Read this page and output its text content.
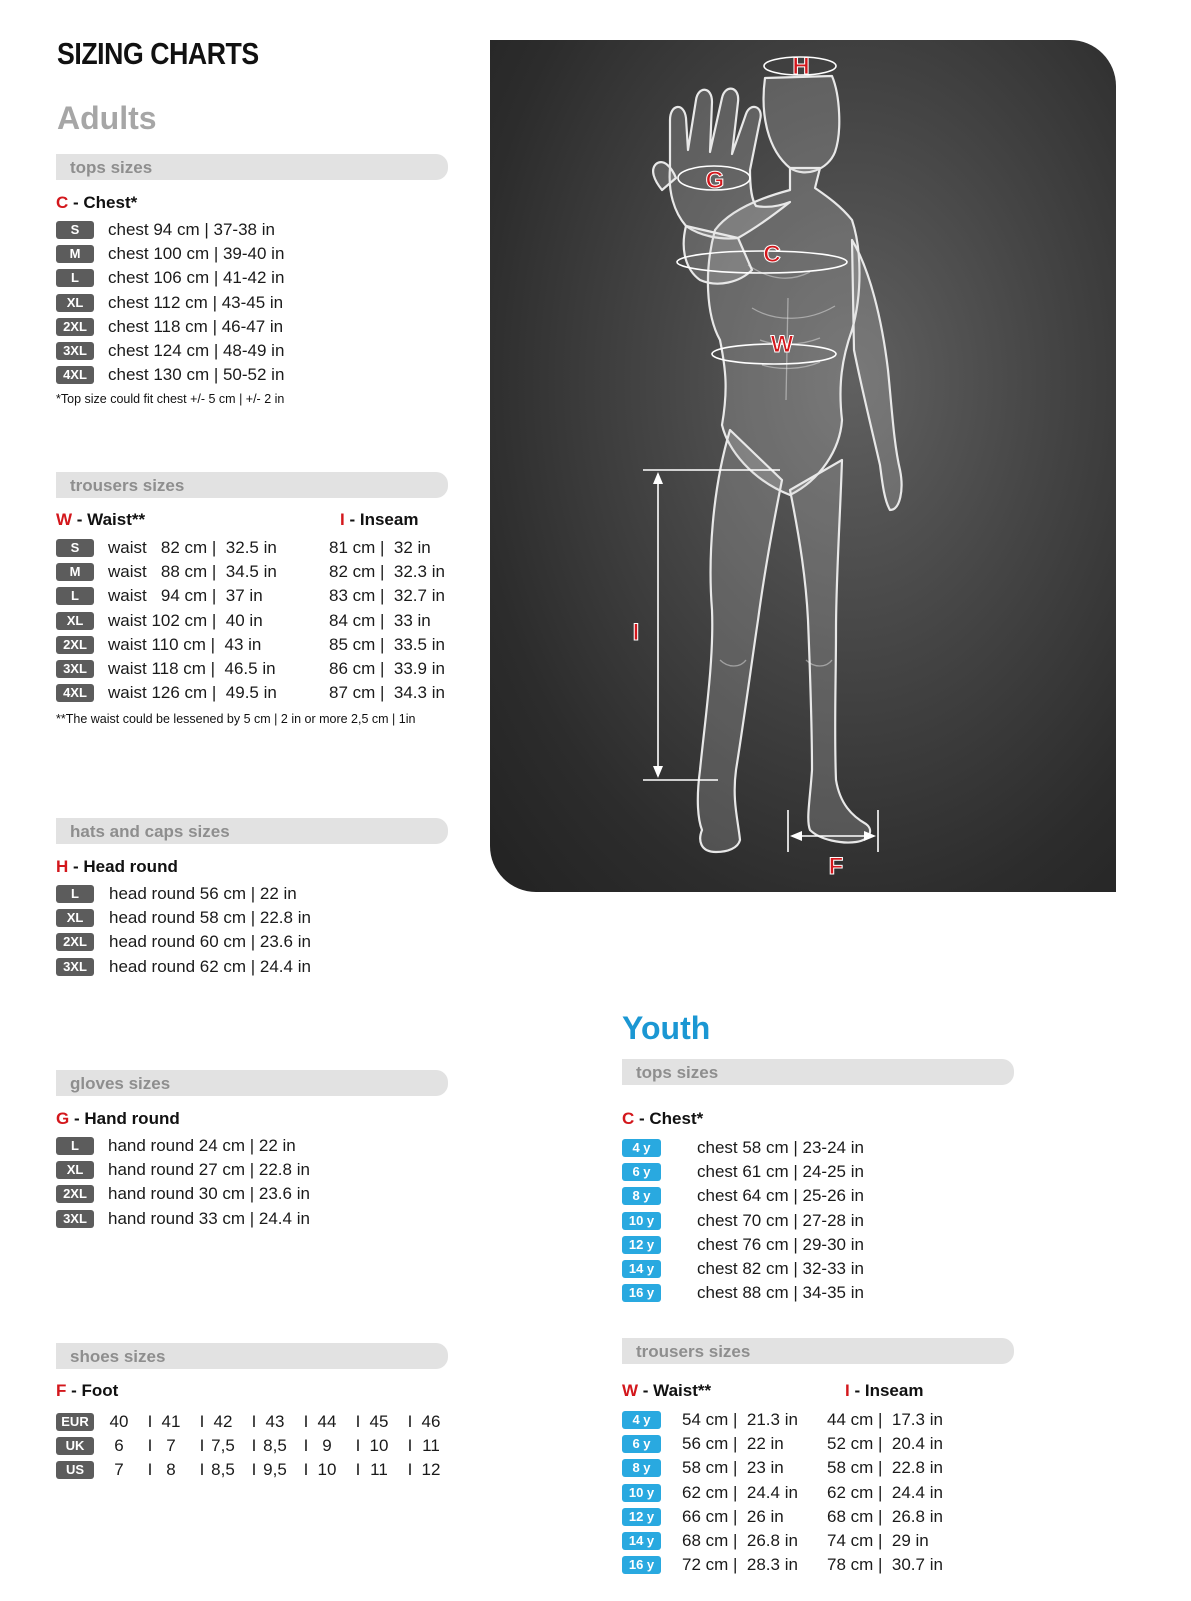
SIZING CHARTS
Adults
tops sizes
C - Chest*
S	chest 94 cm | 37-38 in
M	chest 100 cm | 39-40 in
L	chest 106 cm | 41-42 in
XL	chest 112 cm | 43-45 in
2XL	chest 118 cm | 46-47 in
3XL	chest 124 cm | 48-49 in
4XL	chest 130 cm | 50-52 in
*Top size could fit chest +/- 5 cm | +/- 2 in
trousers sizes
W - Waist**	I - Inseam
S	waist   82 cm |  32.5 in	81 cm |  32 in
M	waist   88 cm |  34.5 in	82 cm |  32.3 in
L	waist   94 cm |  37 in	83 cm |  32.7 in
XL	waist 102 cm |  40 in	84 cm |  33 in
2XL	waist 110 cm |  43 in	85 cm |  33.5 in
3XL	waist 118 cm |  46.5 in	86 cm |  33.9 in
4XL	waist 126 cm |  49.5 in	87 cm |  34.3 in
**The waist could be lessened by 5 cm | 2 in or more 2,5 cm | 1in
hats and caps sizes
H - Head round
L	head round 56 cm | 22 in
XL	head round 58 cm | 22.8 in
2XL	head round 60 cm | 23.6 in
3XL	head round 62 cm | 24.4 in
gloves sizes
G - Hand round
L	hand round 24 cm | 22 in
XL	hand round 27 cm | 22.8 in
2XL	hand round 30 cm | 23.6 in
3XL	hand round 33 cm | 24.4 in
shoes sizes
F - Foot
EUR	40	I 41	I 42	I 43	I 44	I 45	I 46
UK	6	I 7	I 7,5 I 8,5 I 9	I 10	I 11
US	7	I 8	I 8,5 I 9,5 I 10	I 11	I 12
H
G
C
W
I
F
Youth
tops sizes
C - Chest*
4 y	chest 58 cm | 23-24 in
6 y	chest 61 cm | 24-25 in
8 y	chest 64 cm | 25-26 in
10 y	chest 70 cm | 27-28 in
12 y	chest 76 cm | 29-30 in
14 y	chest 82 cm | 32-33 in
16 y	chest 88 cm | 34-35 in
trousers sizes
W - Waist**	I - Inseam
4 y	54 cm |  21.3 in 44 cm |  17.3 in
6 y	56 cm |  22 in	52 cm |  20.4 in
8 y	58 cm |  23 in	58 cm |  22.8 in
10 y	62 cm |  24.4 in 62 cm |  24.4 in
12 y	66 cm |  26 in	68 cm |  26.8 in
14 y	68 cm |  26.8 in 74 cm |  29 in
16 y	72 cm |  28.3 in 78 cm |  30.7 in
